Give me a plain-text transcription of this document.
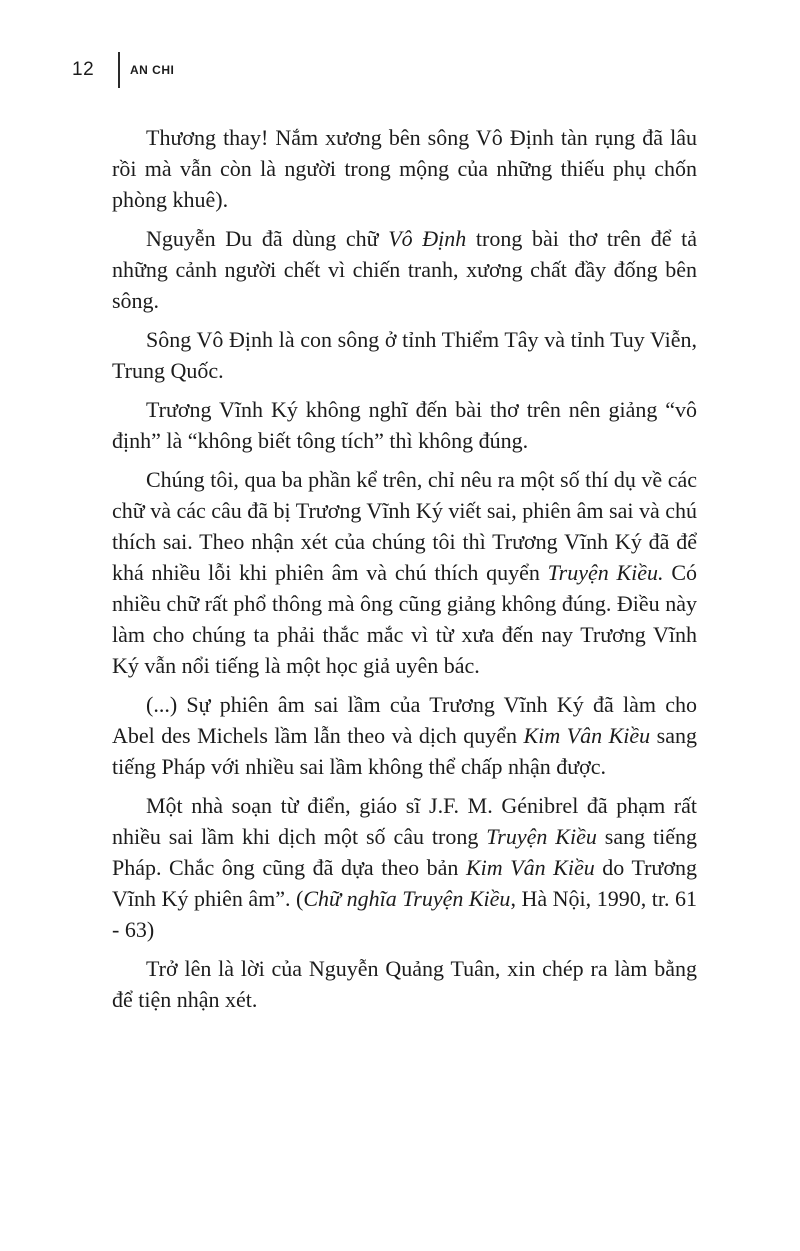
12	AN CHI

Thương thay! Nắm xương bên sông Vô Định tàn rụng đã lâu rồi mà vẫn còn là người trong mộng của những thiếu phụ chốn phòng khuê).

Nguyễn Du đã dùng chữ Vô Định trong bài thơ trên để tả những cảnh người chết vì chiến tranh, xương chất đầy đống bên sông.

Sông Vô Định là con sông ở tỉnh Thiểm Tây và tỉnh Tuy Viễn, Trung Quốc.

Trương Vĩnh Ký không nghĩ đến bài thơ trên nên giảng “vô định” là “không biết tông tích” thì không đúng.

Chúng tôi, qua ba phần kể trên, chỉ nêu ra một số thí dụ về các chữ và các câu đã bị Trương Vĩnh Ký viết sai, phiên âm sai và chú thích sai. Theo nhận xét của chúng tôi thì Trương Vĩnh Ký đã để khá nhiều lỗi khi phiên âm và chú thích quyển Truyện Kiều. Có nhiều chữ rất phổ thông mà ông cũng giảng không đúng. Điều này làm cho chúng ta phải thắc mắc vì từ xưa đến nay Trương Vĩnh Ký vẫn nổi tiếng là một học giả uyên bác.

(...) Sự phiên âm sai lầm của Trương Vĩnh Ký đã làm cho Abel des Michels lầm lẫn theo và dịch quyển Kim Vân Kiều sang tiếng Pháp với nhiều sai lầm không thể chấp nhận được.

Một nhà soạn từ điển, giáo sĩ J.F. M. Génibrel đã phạm rất nhiều sai lầm khi dịch một số câu trong Truyện Kiều sang tiếng Pháp. Chắc ông cũng đã dựa theo bản Kim Vân Kiều do Trương Vĩnh Ký phiên âm”. (Chữ nghĩa Truyện Kiều, Hà Nội, 1990, tr. 61 - 63)

Trở lên là lời của Nguyễn Quảng Tuân, xin chép ra làm bằng để tiện nhận xét.
